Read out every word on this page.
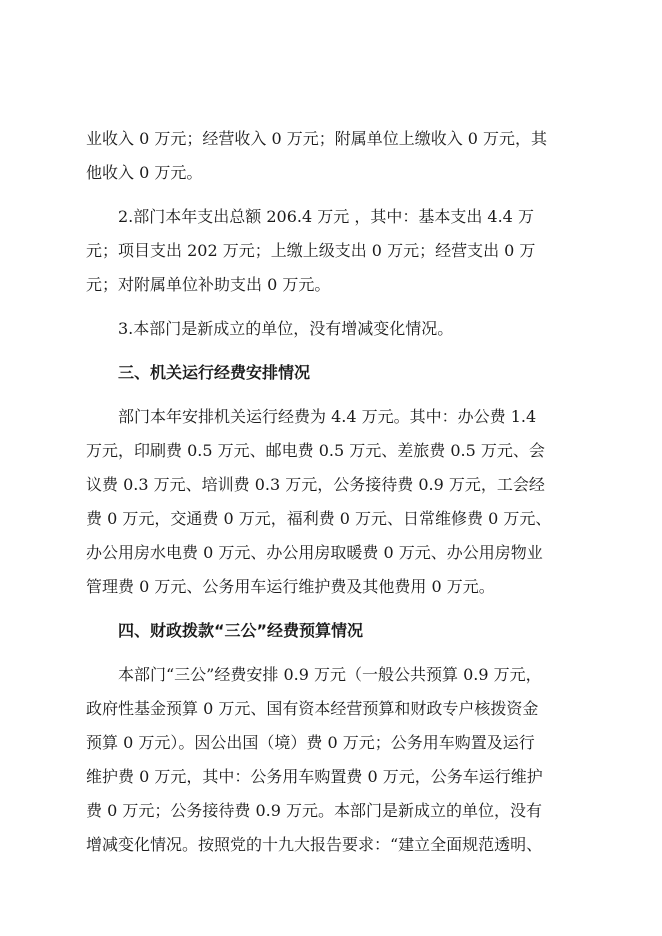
业收入 0 万元；经营收入 0 万元；附属单位上缴收入 0 万元，其
他收入 0 万元。
2.部门本年支出总额 206.4 万元 ，其中：基本支出 4.4 万
元；项目支出 202 万元；上缴上级支出 0 万元；经营支出 0 万
元；对附属单位补助支出 0 万元。
3.本部门是新成立的单位，没有增减变化情况。
三、机关运行经费安排情况
部门本年安排机关运行经费为 4.4 万元。其中：办公费 1.4
万元，印刷费 0.5 万元、邮电费 0.5 万元、差旅费 0.5 万元、会
议费 0.3 万元、培训费 0.3 万元，公务接待费 0.9 万元，工会经
费 0 万元，交通费 0 万元，福利费 0 万元、日常维修费 0 万元、
办公用房水电费 0 万元、办公用房取暖费 0 万元、办公用房物业
管理费 0 万元、公务用车运行维护费及其他费用 0 万元。
四、财政拨款“三公”经费预算情况
本部门“三公”经费安排 0.9 万元（一般公共预算 0.9 万元，
政府性基金预算 0 万元、国有资本经营预算和财政专户核拨资金
预算 0 万元）。因公出国（境）费 0 万元；公务用车购置及运行
维护费 0 万元，其中：公务用车购置费 0 万元，公务车运行维护
费 0 万元；公务接待费 0.9 万元。本部门是新成立的单位，没有
增减变化情况。按照党的十九大报告要求：“建立全面规范透明、
